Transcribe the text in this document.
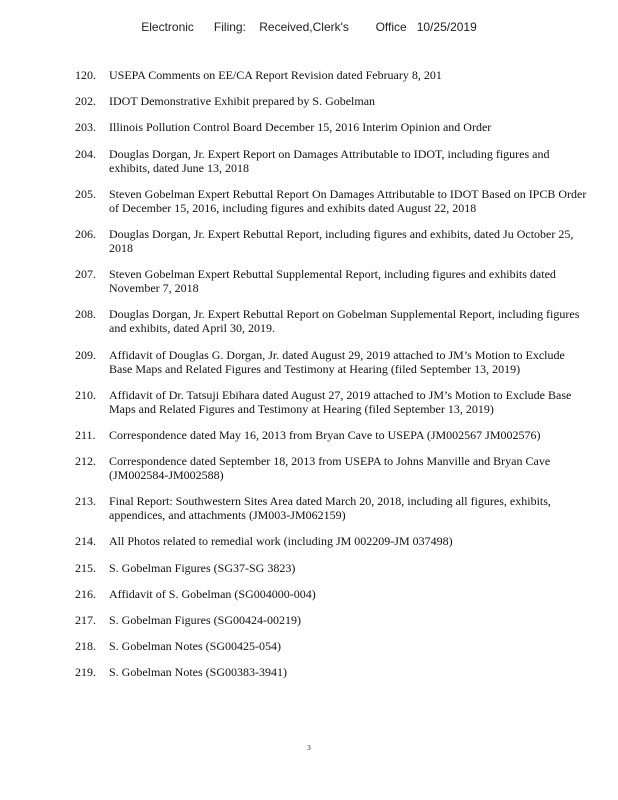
Electronic      Filing:    Received,Clerk's        Office   10/25/2019
120. USEPA Comments on EE/CA Report Revision dated February 8, 201
202. IDOT Demonstrative Exhibit prepared by S. Gobelman
203. Illinois Pollution Control Board December 15, 2016 Interim Opinion and Order
204. Douglas Dorgan, Jr. Expert Report on Damages Attributable to IDOT, including figures and exhibits, dated June 13, 2018
205. Steven Gobelman Expert Rebuttal Report On Damages Attributable to IDOT Based on IPCB Order of December 15, 2016, including figures and exhibits dated August 22, 2018
206. Douglas Dorgan, Jr. Expert Rebuttal Report, including figures and exhibits, dated Ju October 25, 2018
207. Steven Gobelman Expert Rebuttal Supplemental Report, including figures and exhibits dated November 7, 2018
208. Douglas Dorgan, Jr. Expert Rebuttal Report on Gobelman Supplemental Report, including figures and exhibits, dated April 30, 2019.
209. Affidavit of Douglas G. Dorgan, Jr. dated August 29, 2019 attached to JM’s Motion to Exclude Base Maps and Related Figures and Testimony at Hearing (filed September 13, 2019)
210. Affidavit of Dr. Tatsuji Ebihara dated August 27, 2019 attached to JM’s Motion to Exclude Base Maps and Related Figures and Testimony at Hearing (filed September 13, 2019)
211. Correspondence dated May 16, 2013 from Bryan Cave to USEPA (JM002567 JM002576)
212. Correspondence dated September 18, 2013 from USEPA to Johns Manville and Bryan Cave (JM002584-JM002588)
213. Final Report: Southwestern Sites Area dated March 20, 2018, including all figures, exhibits, appendices, and attachments (JM003-JM062159)
214. All Photos related to remedial work (including JM 002209-JM 037498)
215. S. Gobelman Figures (SG37-SG 3823)
216. Affidavit of S. Gobelman (SG004000-004)
217. S. Gobelman Figures (SG00424-00219)
218. S. Gobelman Notes (SG00425-054)
219. S. Gobelman Notes (SG00383-3941)
3
